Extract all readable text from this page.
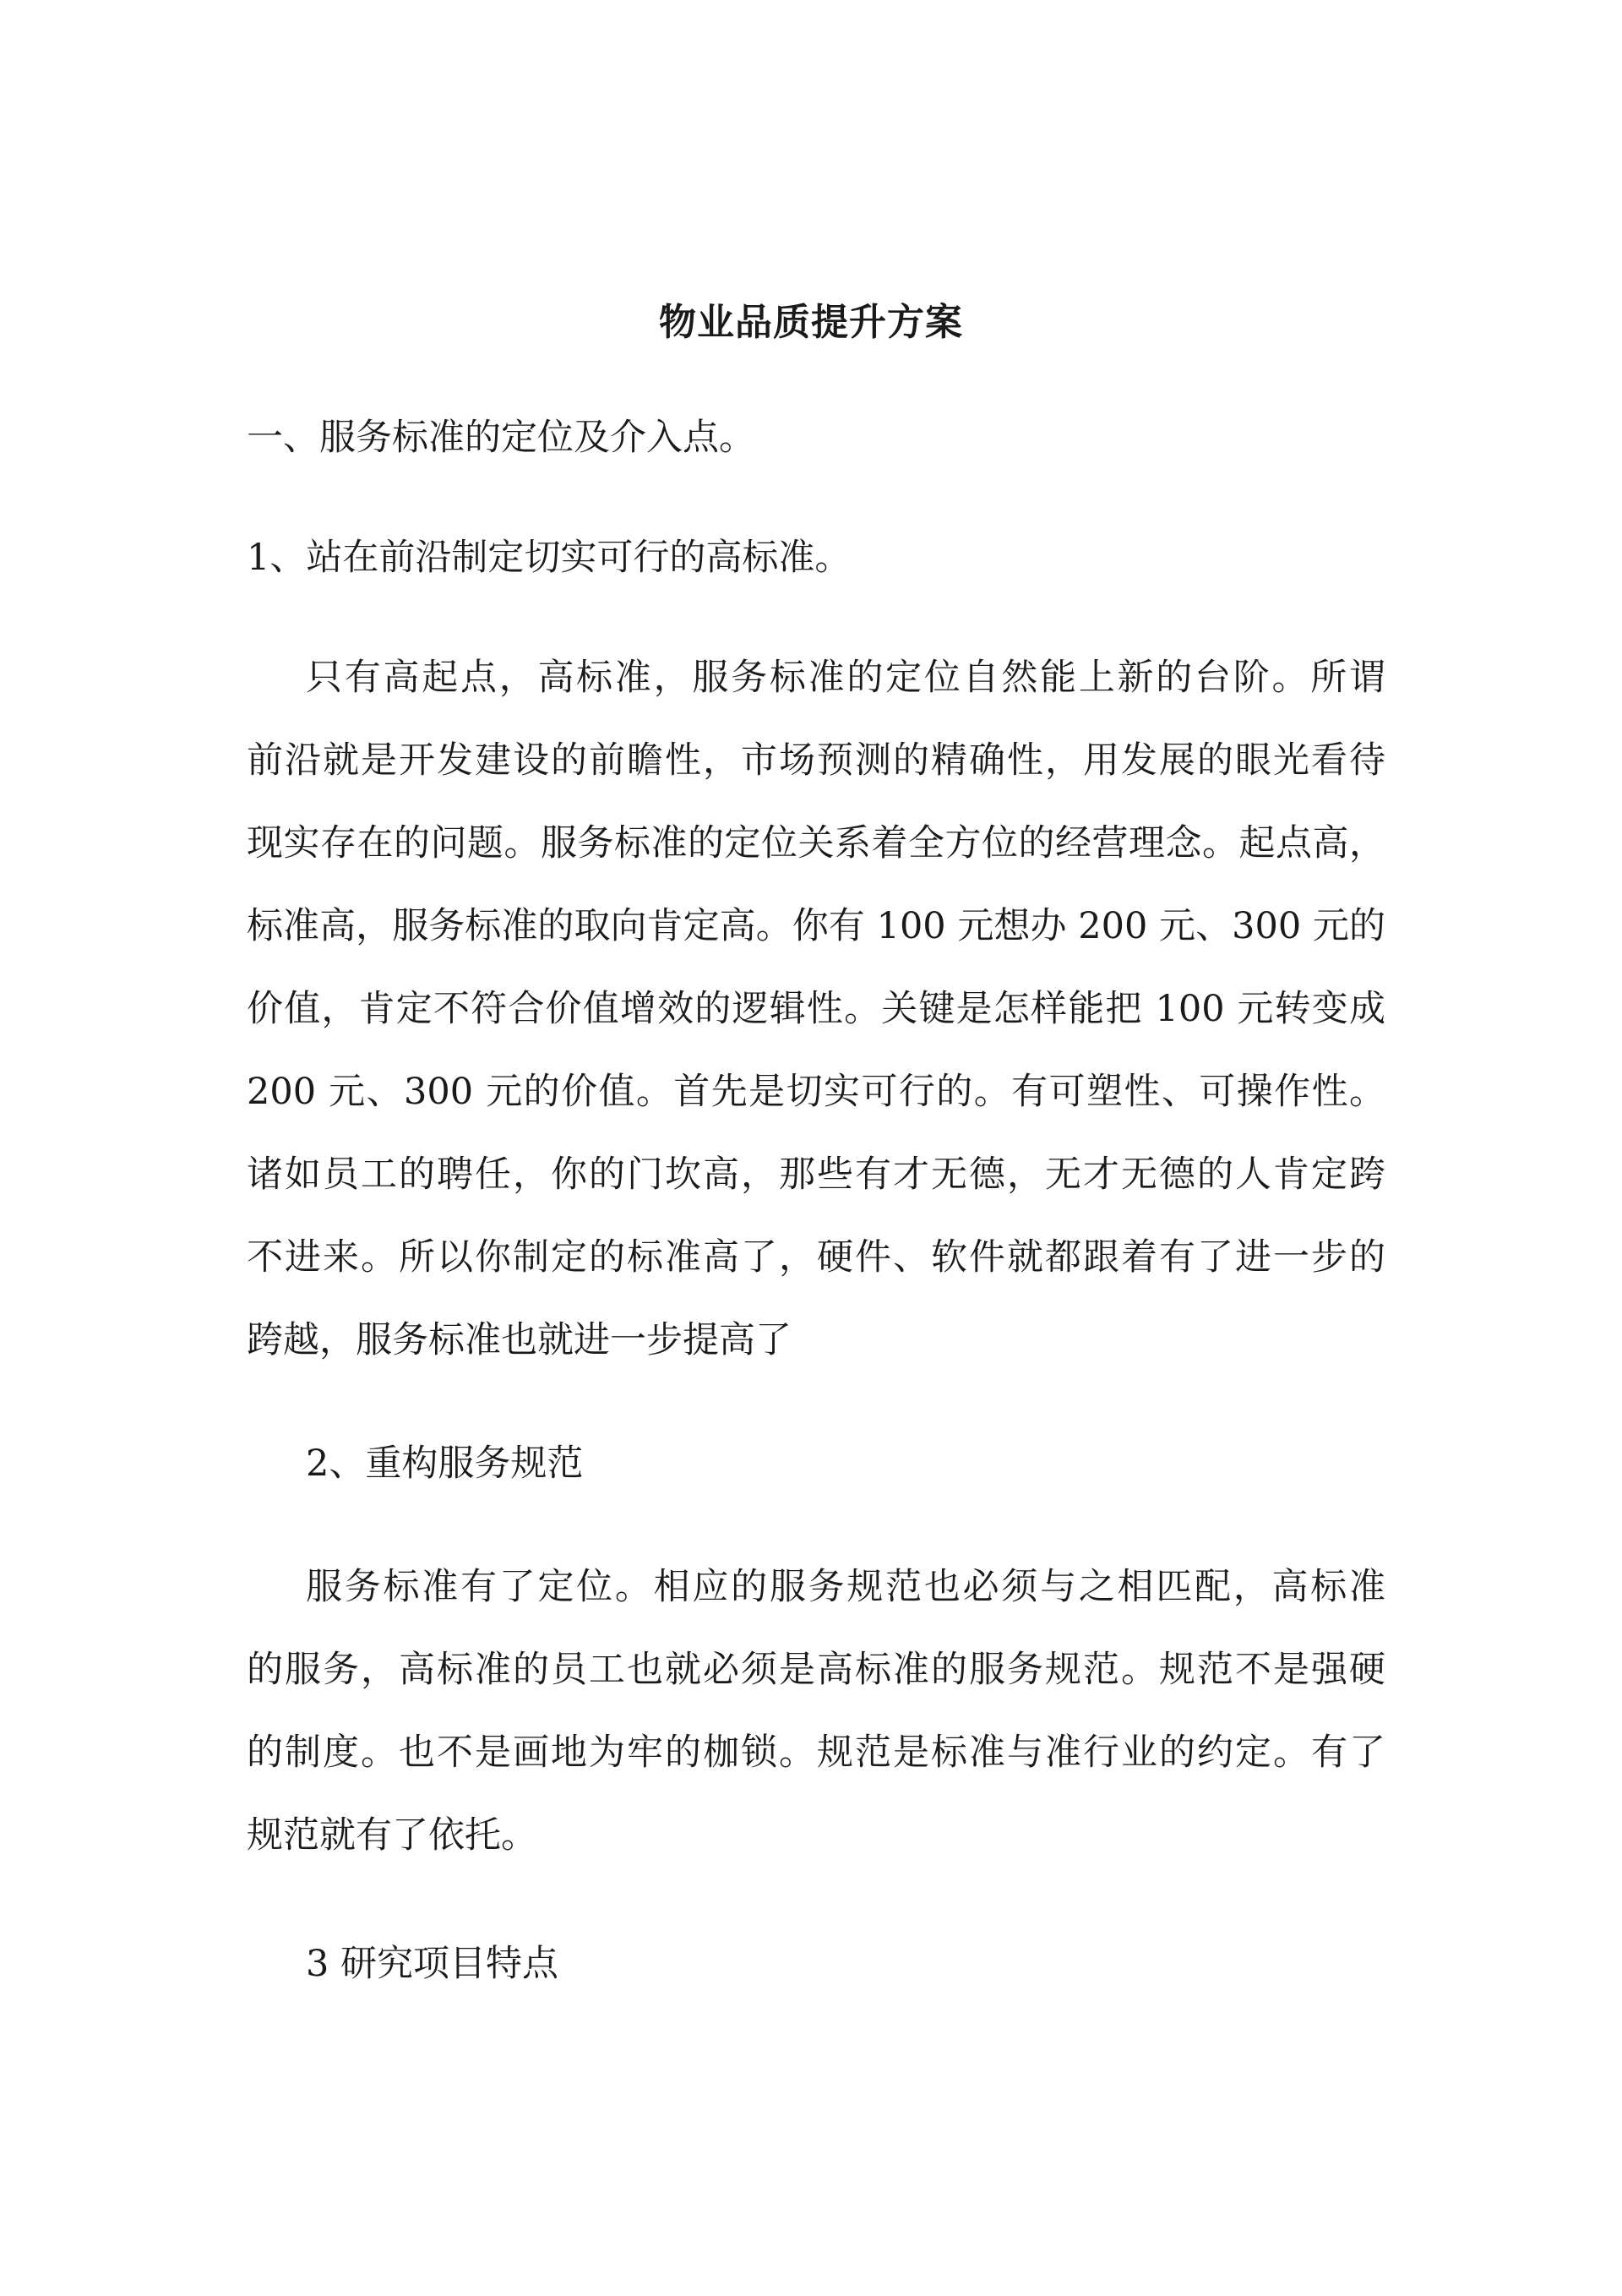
物业品质提升方案
一、服务标准的定位及介入点。
1、站在前沿制定切实可行的高标准。
只有高起点，高标准，服务标准的定位自然能上新的台阶。所谓
前沿就是开发建设的前瞻性，市场预测的精确性，用发展的眼光看待
现实存在的问题。服务标准的定位关系着全方位的经营理念。起点高，
标准高，服务标准的取向肯定高。你有 100 元想办 200 元、300 元的
价值，肯定不符合价值增效的逻辑性。关键是怎样能把 100 元转变成
200 元、300 元的价值。首先是切实可行的。有可塑性、可操作性。
诸如员工的聘任，你的门坎高，那些有才无德，无才无德的人肯定跨
不进来。所以你制定的标准高了，硬件、软件就都跟着有了进一步的
跨越，服务标准也就进一步提高了
2、重构服务规范
服务标准有了定位。相应的服务规范也必须与之相匹配，高标准
的服务，高标准的员工也就必须是高标准的服务规范。规范不是强硬
的制度。也不是画地为牢的枷锁。规范是标准与准行业的约定。有了
规范就有了依托。
3 研究项目特点
